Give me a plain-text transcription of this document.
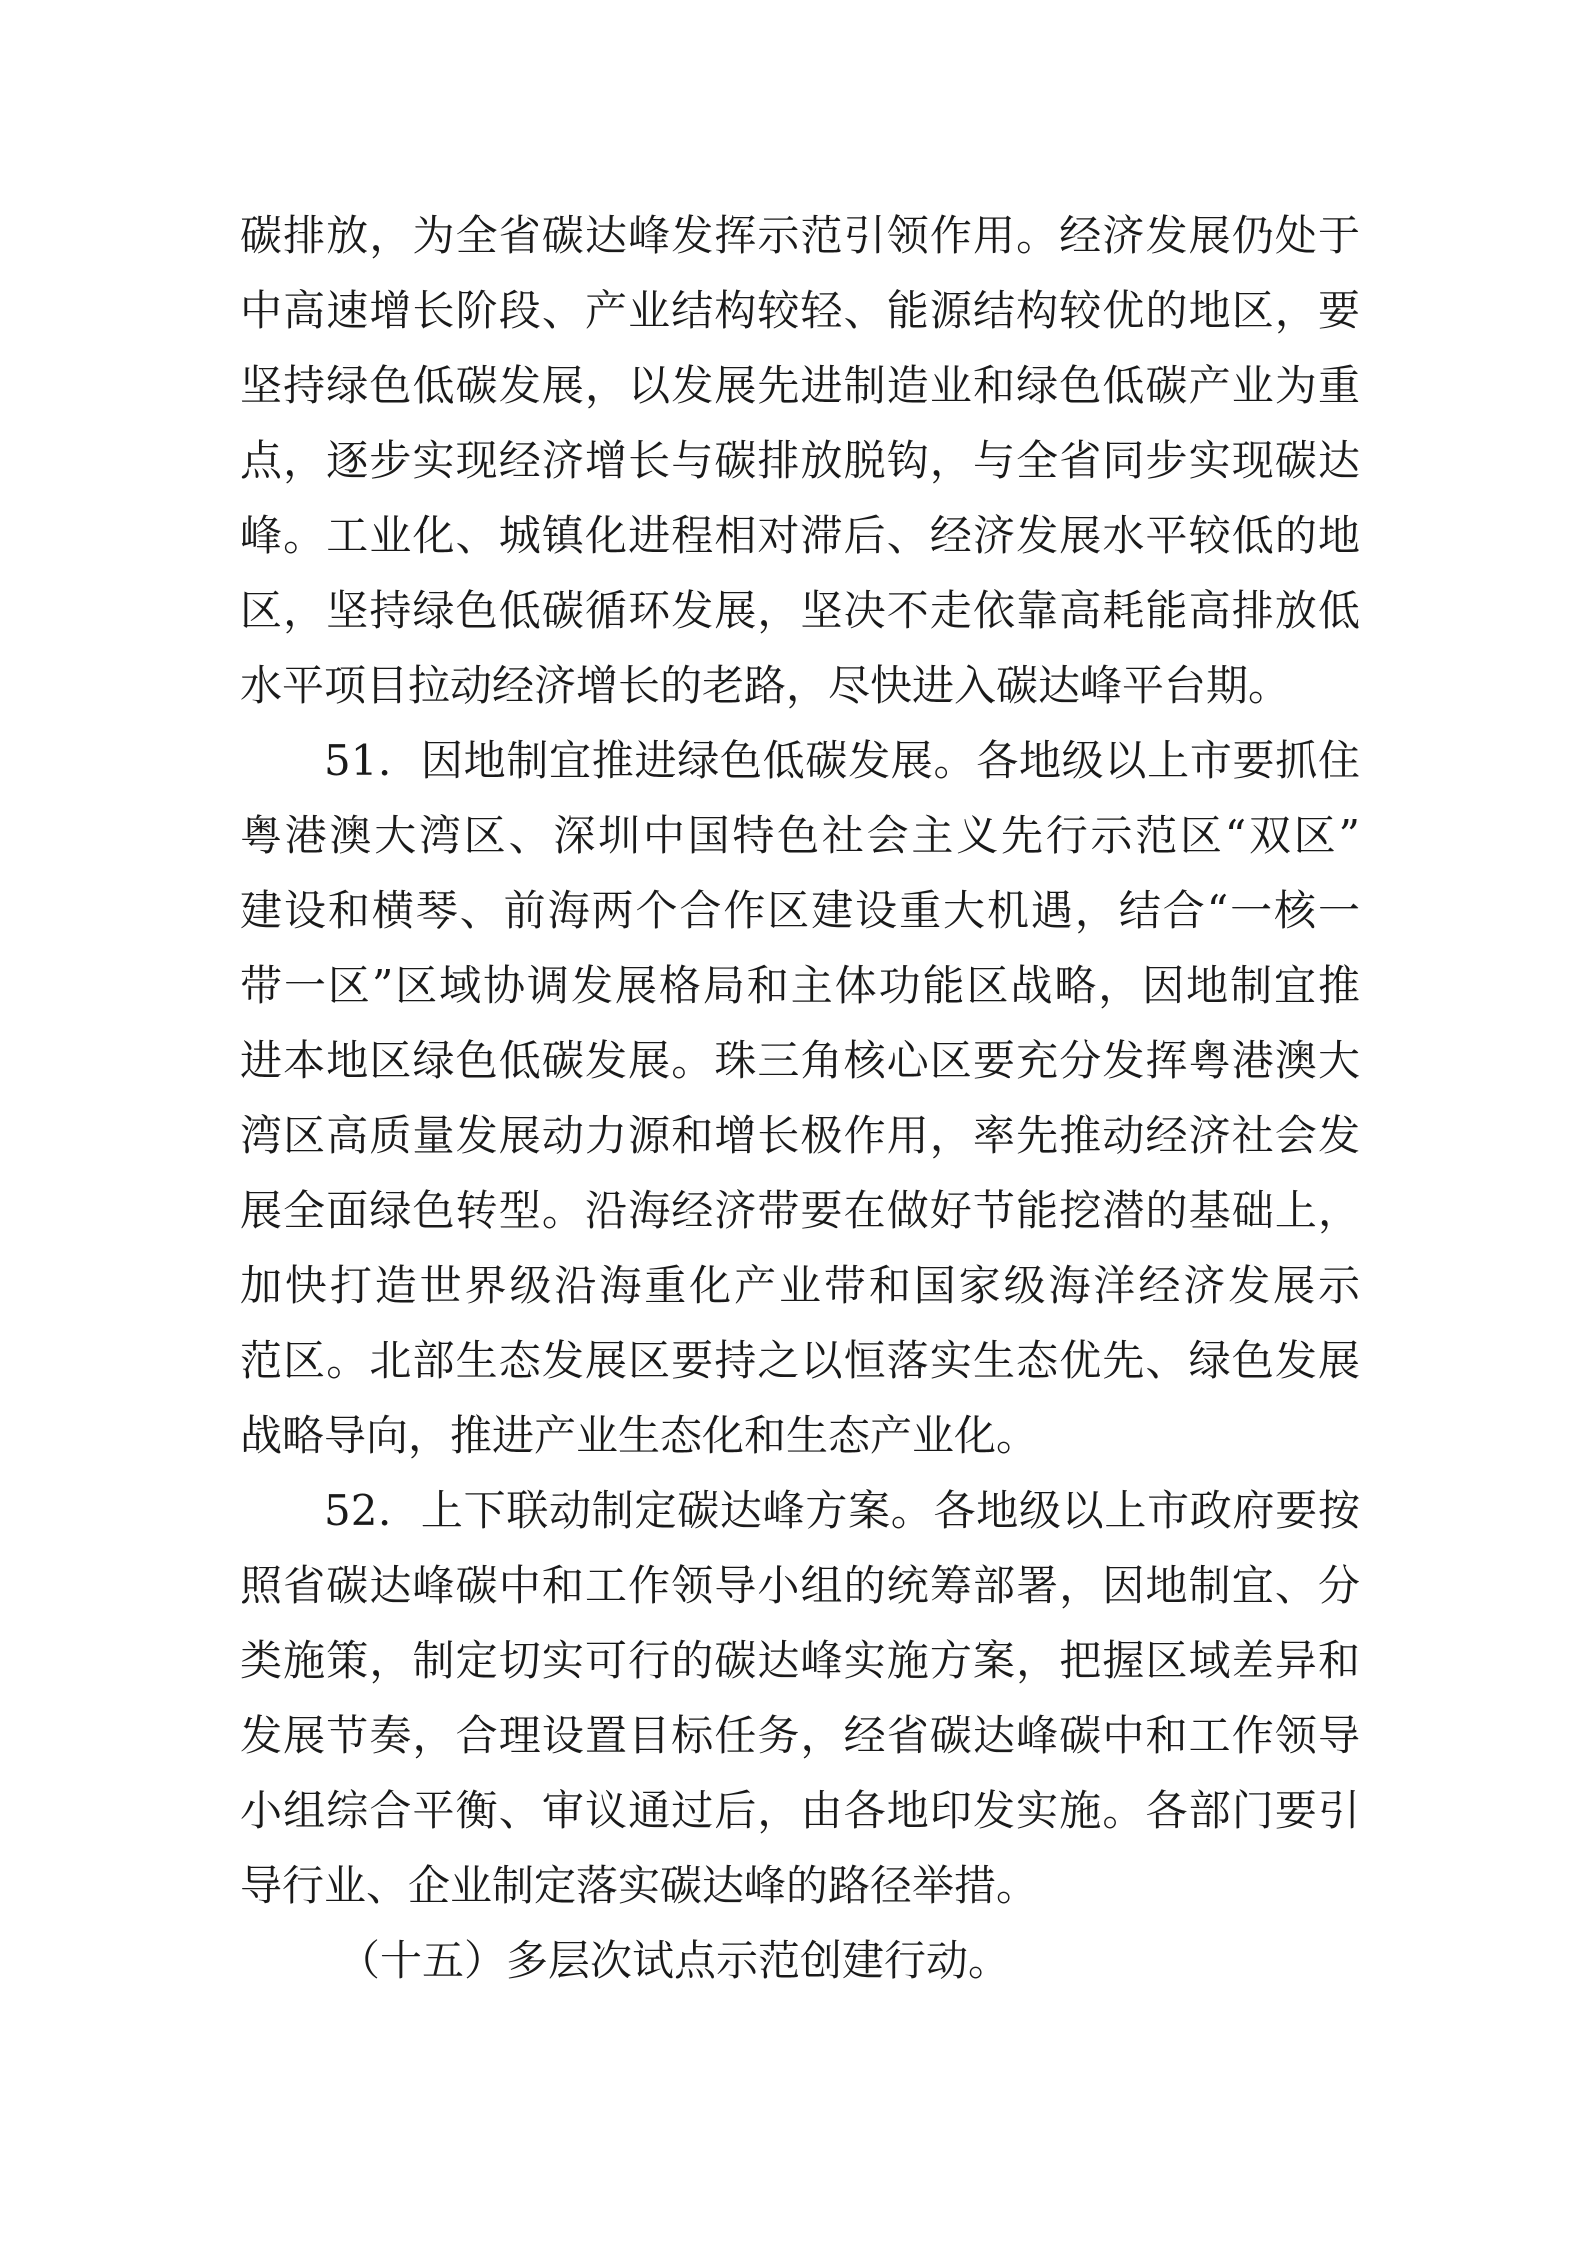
碳排放，为全省碳达峰发挥示范引领作用。经济发展仍处于
中高速增长阶段、产业结构较轻、能源结构较优的地区，要
坚持绿色低碳发展，以发展先进制造业和绿色低碳产业为重
点，逐步实现经济增长与碳排放脱钩，与全省同步实现碳达
峰。工业化、城镇化进程相对滞后、经济发展水平较低的地
区，坚持绿色低碳循环发展，坚决不走依靠高耗能高排放低
水平项目拉动经济增长的老路，尽快进入碳达峰平台期。
51．因地制宜推进绿色低碳发展。各地级以上市要抓住
粤港澳大湾区、深圳中国特色社会主义先行示范区“双区”
建设和横琴、前海两个合作区建设重大机遇，结合“一核一
带一区”区域协调发展格局和主体功能区战略，因地制宜推
进本地区绿色低碳发展。珠三角核心区要充分发挥粤港澳大
湾区高质量发展动力源和增长极作用，率先推动经济社会发
展全面绿色转型。沿海经济带要在做好节能挖潜的基础上，
加快打造世界级沿海重化产业带和国家级海洋经济发展示
范区。北部生态发展区要持之以恒落实生态优先、绿色发展
战略导向，推进产业生态化和生态产业化。
52．上下联动制定碳达峰方案。各地级以上市政府要按
照省碳达峰碳中和工作领导小组的统筹部署，因地制宜、分
类施策，制定切实可行的碳达峰实施方案，把握区域差异和
发展节奏，合理设置目标任务，经省碳达峰碳中和工作领导
小组综合平衡、审议通过后，由各地印发实施。各部门要引
导行业、企业制定落实碳达峰的路径举措。
（十五）多层次试点示范创建行动。
